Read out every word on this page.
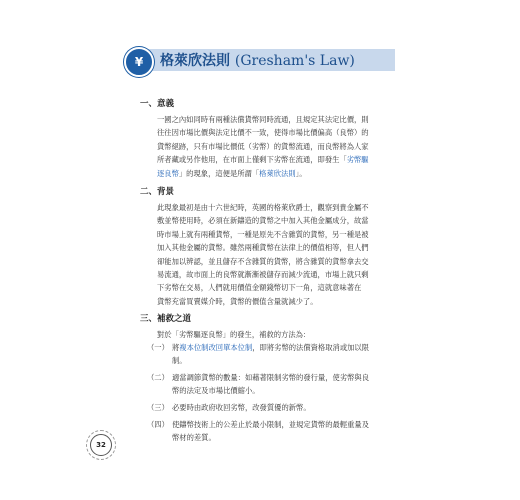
¥	格萊欣法則 (Gresham's Law)
一、意義
一國之內如同時有兩種法償貨幣同時流通，且規定其法定比價，則
往往因市場比價與法定比價不一致，使得市場比價偏高（良幣）的
貨幣絕跡，只有市場比價低（劣幣）的貨幣流通，而良幣將為人家
所者藏或另作他用，在市面上僅剩下劣幣在流通，即發生「劣幣驅
逐良幣」的現象，這便是所謂「格萊欣法則」。
二、背景
此現象最初是由十六世紀時，英國的格萊欣爵士，觀察到貴金屬不
敷並幣使用時，必須在新鑄造的貨幣之中加入其他金屬成分，故當
時市場上就有兩種貨幣，一種是原先不含雜質的貨幣，另一種是被
加入其他金屬的貨幣。雖然兩種貨幣在法律上的價值相等，但人們
卻能加以辨認，並且儲存不含雜質的貨幣，將含雜質的貨幣拿去交
易流通，故市面上的良幣就漸漸被儲存而減少流通，市場上就只剩
下劣幣在交易，人們就用價值金額錢幣切下一角，這就意味著在
貨幣充當買賣媒介時，貨幣的價值含量就減少了。
三、補救之道
對於「劣幣驅逐良幣」的發生，補救的方法為：
（一） 將複本位制改回單本位制，即將劣幣的法償資格取消或加以限
制。
（二） 適當調節貨幣的數量：如藉著限制劣幣的發行量，使劣幣與良
幣的法定及市場比價縮小。
（三） 必要時由政府收回劣幣，改發質優的新幣。
（四） 使鑄幣技術上的公差止於最小限制，並規定貨幣的最輕重量及
幣材的差質。
32
